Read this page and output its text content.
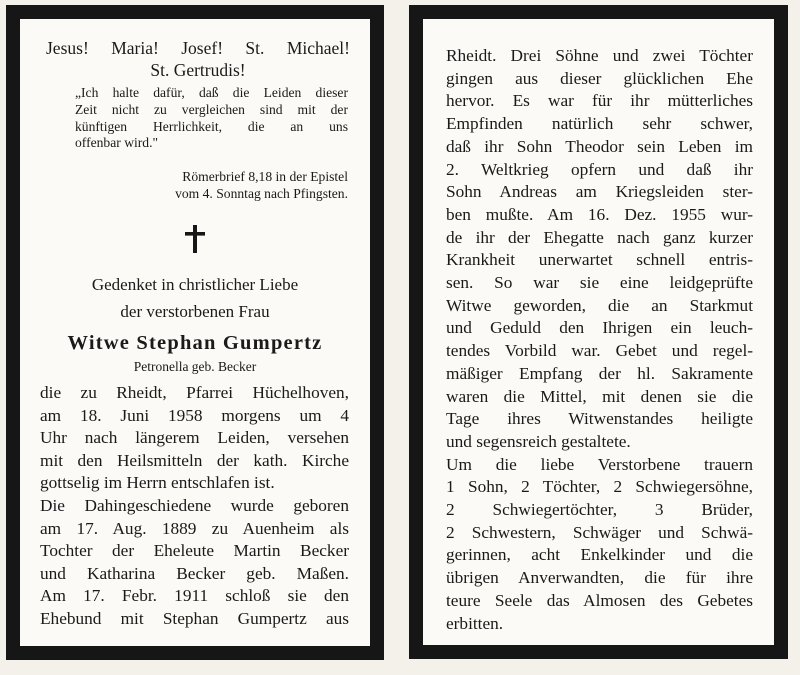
Jesus! Maria! Josef! St. Michael!
St. Gertrudis!
„Ich halte dafür, daß die Leiden dieser
Zeit nicht zu vergleichen sind mit der
künftigen Herrlichkeit, die an uns
offenbar wird."
Römerbrief 8,18 in der Epistel
vom 4. Sonntag nach Pfingsten.
Gedenket in christlicher Liebe
der verstorbenen Frau
Witwe Stephan Gumpertz
Petronella geb. Becker
die zu Rheidt, Pfarrei Hüchelhoven,
am 18. Juni 1958 morgens um 4
Uhr nach längerem Leiden, versehen
mit den Heilsmitteln der kath. Kirche
gottselig im Herrn entschlafen ist.
Die Dahingeschiedene wurde geboren
am 17. Aug. 1889 zu Auenheim als
Tochter der Eheleute Martin Becker
und Katharina Becker geb. Maßen.
Am 17. Febr. 1911 schloß sie den
Ehebund mit Stephan Gumpertz aus
Rheidt. Drei Söhne und zwei Töchter
gingen aus dieser glücklichen Ehe
hervor. Es war für ihr mütterliches
Empfinden natürlich sehr schwer,
daß ihr Sohn Theodor sein Leben im
2. Weltkrieg opfern und daß ihr
Sohn Andreas am Kriegsleiden ster-
ben mußte. Am 16. Dez. 1955 wur-
de ihr der Ehegatte nach ganz kurzer
Krankheit unerwartet schnell entris-
sen. So war sie eine leidgeprüfte
Witwe geworden, die an Starkmut
und Geduld den Ihrigen ein leuch-
tendes Vorbild war. Gebet und regel-
mäßiger Empfang der hl. Sakramente
waren die Mittel, mit denen sie die
Tage ihres Witwenstandes heiligte
und segensreich gestaltete.
Um die liebe Verstorbene trauern
1 Sohn, 2 Töchter, 2 Schwiegersöhne,
2 Schwiegertöchter, 3 Brüder,
2 Schwestern, Schwäger und Schwä-
gerinnen, acht Enkelkinder und die
übrigen Anverwandten, die für ihre
teure Seele das Almosen des Gebetes
erbitten.
